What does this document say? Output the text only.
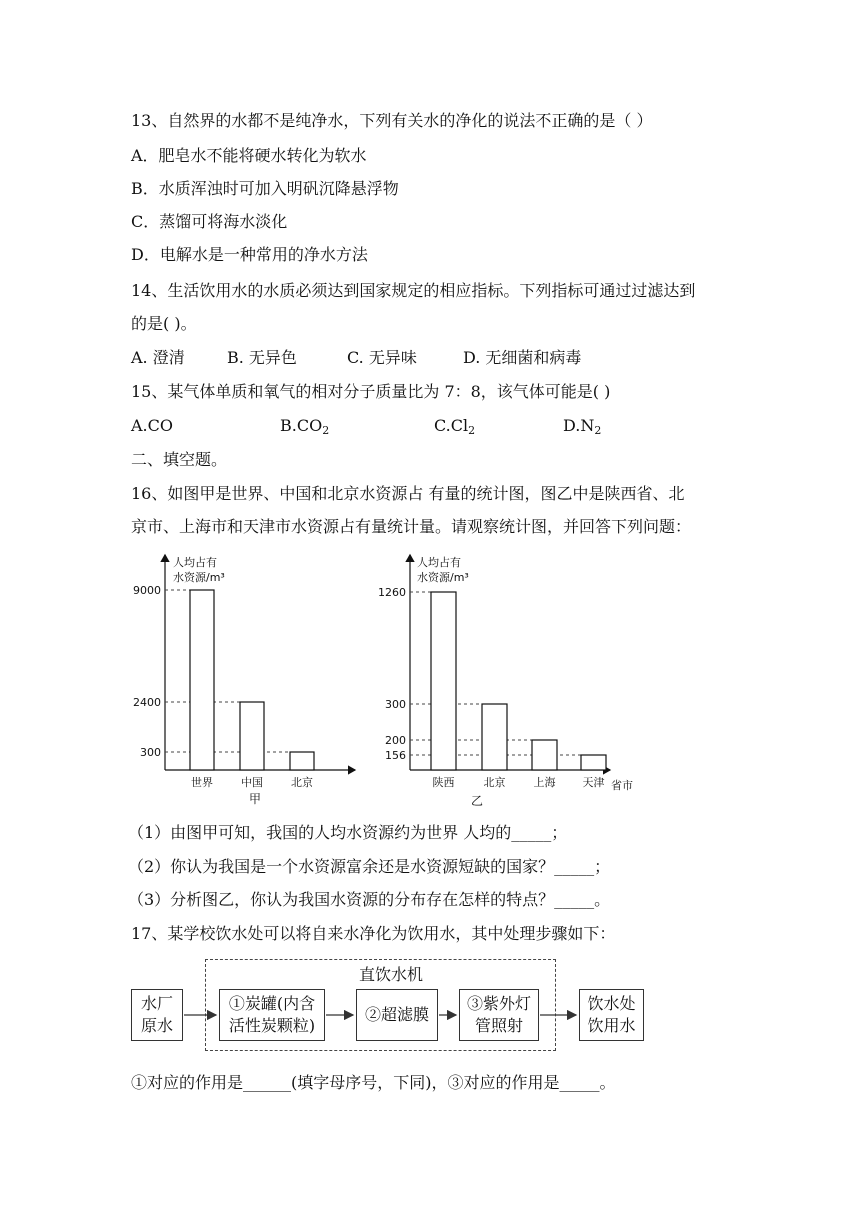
13、自然界的水都不是纯净水，下列有关水的净化的说法不正确的是（ ）
A．肥皂水不能将硬水转化为软水
B．水质浑浊时可加入明矾沉降悬浮物
C．蒸馏可将海水淡化
D．电解水是一种常用的净水方法
14、生活饮用水的水质必须达到国家规定的相应指标。下列指标可通过过滤达到
的是( )。
A. 澄清	B. 无异色	C. 无异味	D. 无细菌和病毒
15、某气体单质和氧气的相对分子质量比为 7：8，该气体可能是( )
A.CO	$B.CO_2$	$C.Cl_2$	$D.N_2$
二、填空题。
16、如图甲是世界、中国和北京水资源占 有量的统计图，图乙中是陕西省、北
京市、上海市和天津市水资源占有量统计量。请观察统计图，并回答下列问题：
人均占有
水资源/m³
9000
2400
300
世界	中国	北京
甲
人均占有
水资源/m³
省市
1260
300
200
156
陕西	北京	上海 天津
乙
（1）由图甲可知，我国的人均水资源约为世界 人均的_____；
（2）你认为我国是一个水资源富余还是水资源短缺的国家？_____；
（3）分析图乙，你认为我国水资源的分布存在怎样的特点？_____。
17、某学校饮水处可以将自来水净化为饮用水，其中处理步骤如下：
直饮水机
水厂
原水
①炭罐(内含
活性炭颗粒)
②超滤膜
③紫外灯
管照射
饮水处
饮用水
①对应的作用是______(填字母序号，下同)，③对应的作用是_____。
